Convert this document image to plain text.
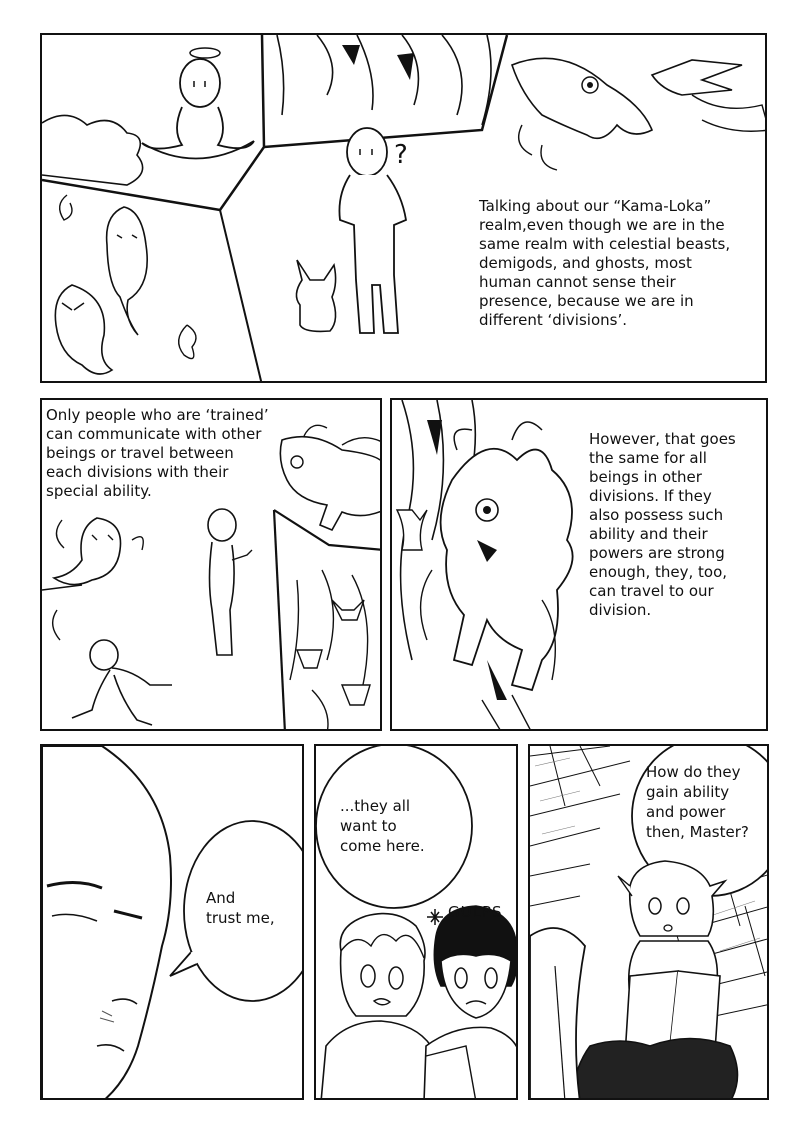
?
Talking about our “Kama-Loka”
realm,even though we are in the
same realm with celestial beasts,
demigods, and ghosts, most
human cannot sense their
presence, because we are in
different ‘divisions’.
Only people who are ‘trained’
can communicate with other
beings or travel between
each divisions with their
special ability.
However, that goes
the same for all
beings in other
divisions. If they
also possess such
ability and their
powers are strong
enough, they, too,
can travel to our
division.
And
trust me,
...they all
want to
come here.
GULPS
How do they
gain ability
and power
then, Master?
